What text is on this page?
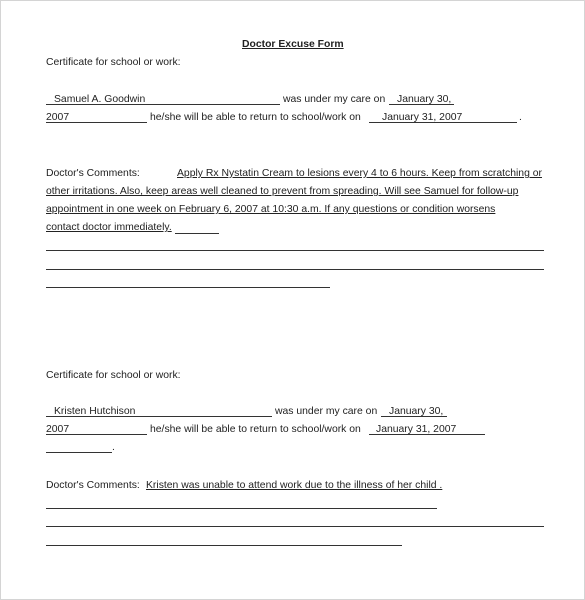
Doctor Excuse Form
Certificate for school or work:
Samuel A. Goodwin	was under my care on January 30,
2007	he/she will be able to return to school/work on January 31, 2007	.
Doctor's Comments:	Apply Rx Nystatin Cream to lesions every 4 to 6 hours. Keep from scratching or
other irritations. Also, keep areas well cleaned to prevent from spreading. Will see Samuel for follow-up
appointment in one week on February 6, 2007 at 10:30 a.m. If any questions or condition worsens
contact doctor immediately.
Certificate for school or work:
Kristen Hutchison	was under my care on January 30,
2007	he/she will be able to return to school/work on January 31, 2007
.
Doctor's Comments: Kristen was unable to attend work due to the illness of her child .
